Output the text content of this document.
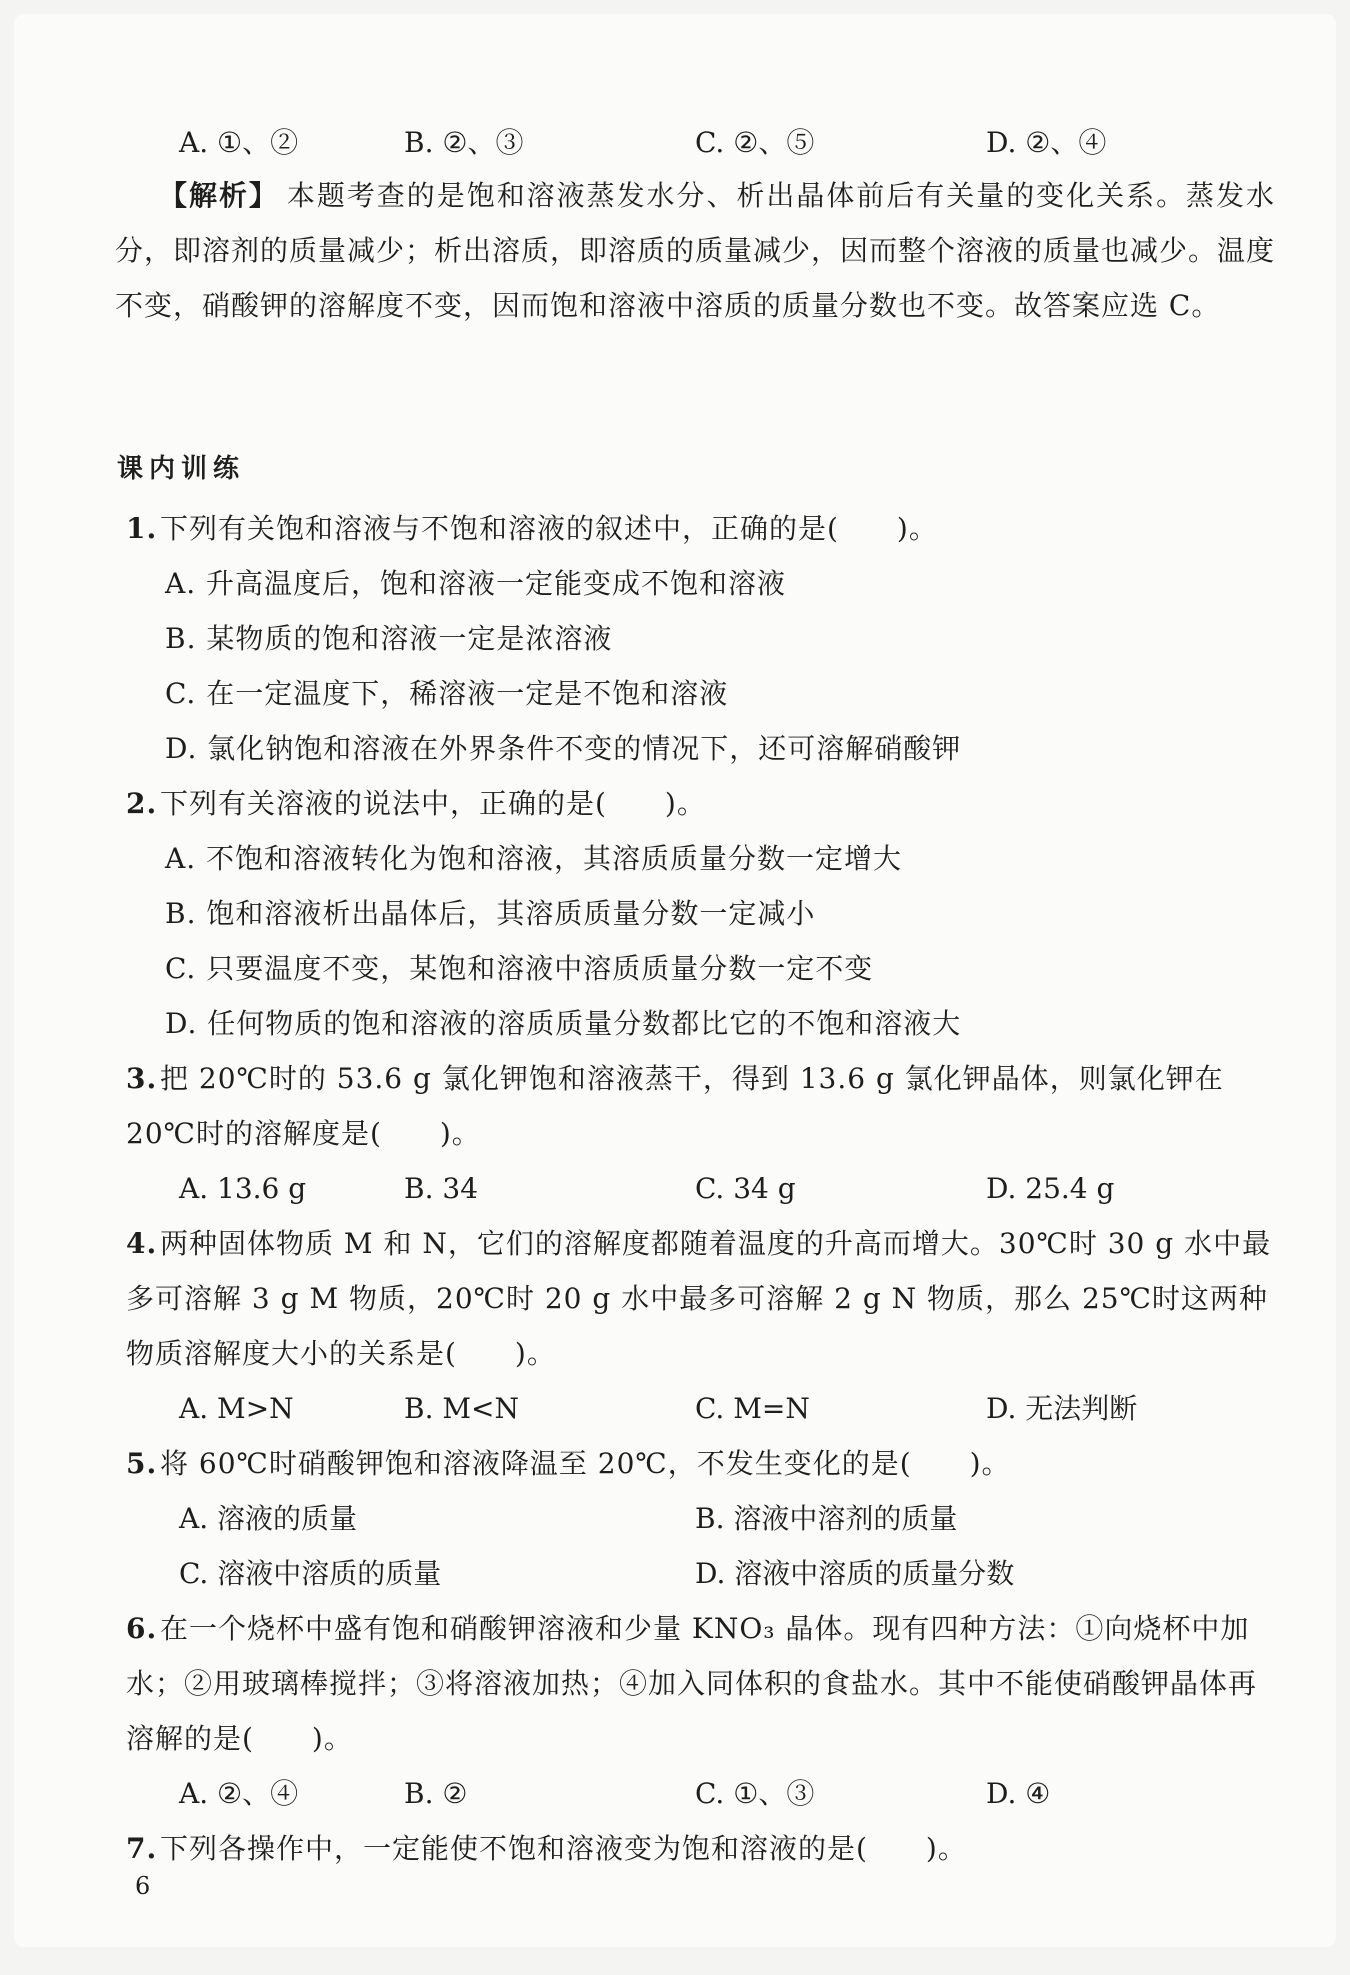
A. ①、②	B. ②、③	C. ②、⑤	D. ②、④
【解析】 本题考查的是饱和溶液蒸发水分、析出晶体前后有关量的变化关系。蒸发水分，即溶剂的质量减少；析出溶质，即溶质的质量减少，因而整个溶液的质量也减少。温度不变，硝酸钾的溶解度不变，因而饱和溶液中溶质的质量分数也不变。故答案应选 C。
课内训练
1.下列有关饱和溶液与不饱和溶液的叙述中，正确的是(　　)。
A. 升高温度后，饱和溶液一定能变成不饱和溶液
B. 某物质的饱和溶液一定是浓溶液
C. 在一定温度下，稀溶液一定是不饱和溶液
D. 氯化钠饱和溶液在外界条件不变的情况下，还可溶解硝酸钾
2.下列有关溶液的说法中，正确的是(　　)。
A. 不饱和溶液转化为饱和溶液，其溶质质量分数一定增大
B. 饱和溶液析出晶体后，其溶质质量分数一定减小
C. 只要温度不变，某饱和溶液中溶质质量分数一定不变
D. 任何物质的饱和溶液的溶质质量分数都比它的不饱和溶液大
3.把 20℃时的 53.6 g 氯化钾饱和溶液蒸干，得到 13.6 g 氯化钾晶体，则氯化钾在 20℃时的溶解度是(　　)。
A. 13.6 g	B. 34	C. 34 g	D. 25.4 g
4.两种固体物质 M 和 N，它们的溶解度都随着温度的升高而增大。30℃时 30 g 水中最多可溶解 3 g M 物质，20℃时 20 g 水中最多可溶解 2 g N 物质，那么 25℃时这两种物质溶解度大小的关系是(　　)。
A. M>N	B. M<N	C. M=N	D. 无法判断
5.将 60℃时硝酸钾饱和溶液降温至 20℃，不发生变化的是(　　)。
A. 溶液的质量	B. 溶液中溶剂的质量
C. 溶液中溶质的质量	D. 溶液中溶质的质量分数
6.在一个烧杯中盛有饱和硝酸钾溶液和少量 KNO₃ 晶体。现有四种方法：①向烧杯中加水；②用玻璃棒搅拌；③将溶液加热；④加入同体积的食盐水。其中不能使硝酸钾晶体再溶解的是(　　)。
A. ②、④	B. ②	C. ①、③	D. ④
7.下列各操作中，一定能使不饱和溶液变为饱和溶液的是(　　)。
6
